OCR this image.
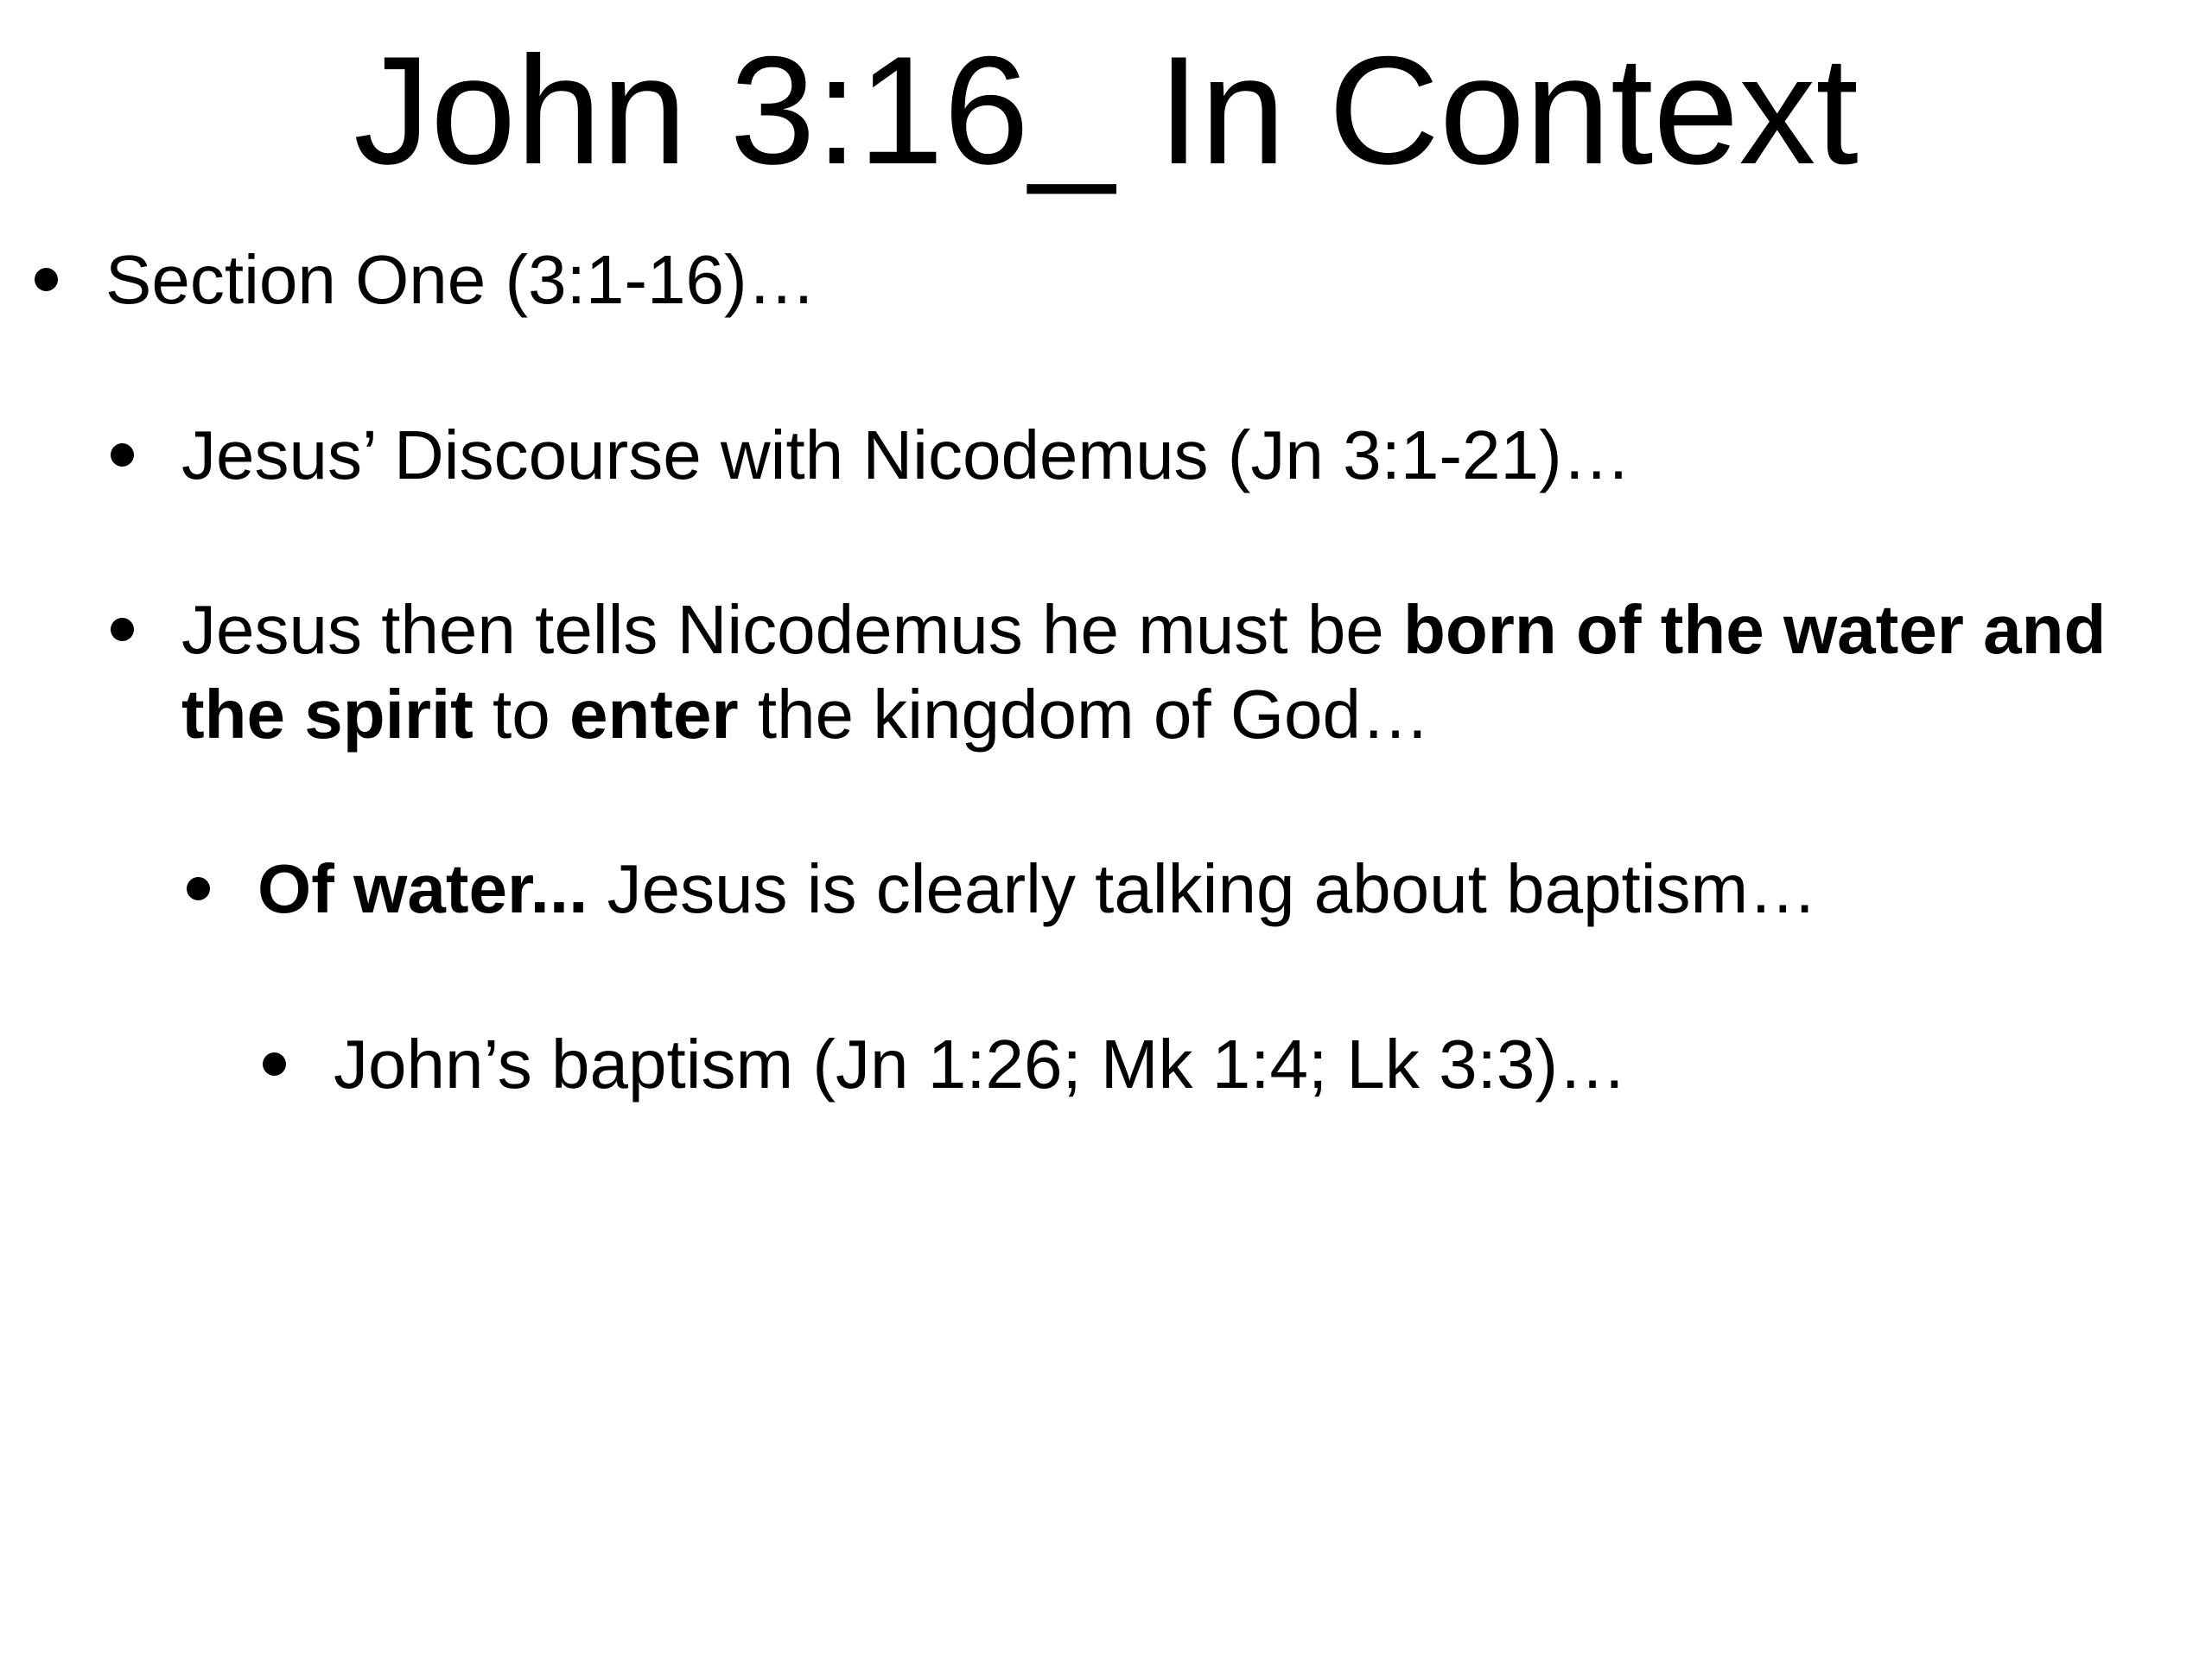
John 3:16_ In Context
Section One (3:1-16)…
Jesus’ Discourse with Nicodemus (Jn 3:1-21)…
Jesus then tells Nicodemus he must be born of the water and
the spirit to enter the kingdom of God…
Of water... Jesus is clearly talking about baptism…
John’s baptism (Jn 1:26; Mk 1:4; Lk 3:3)…
